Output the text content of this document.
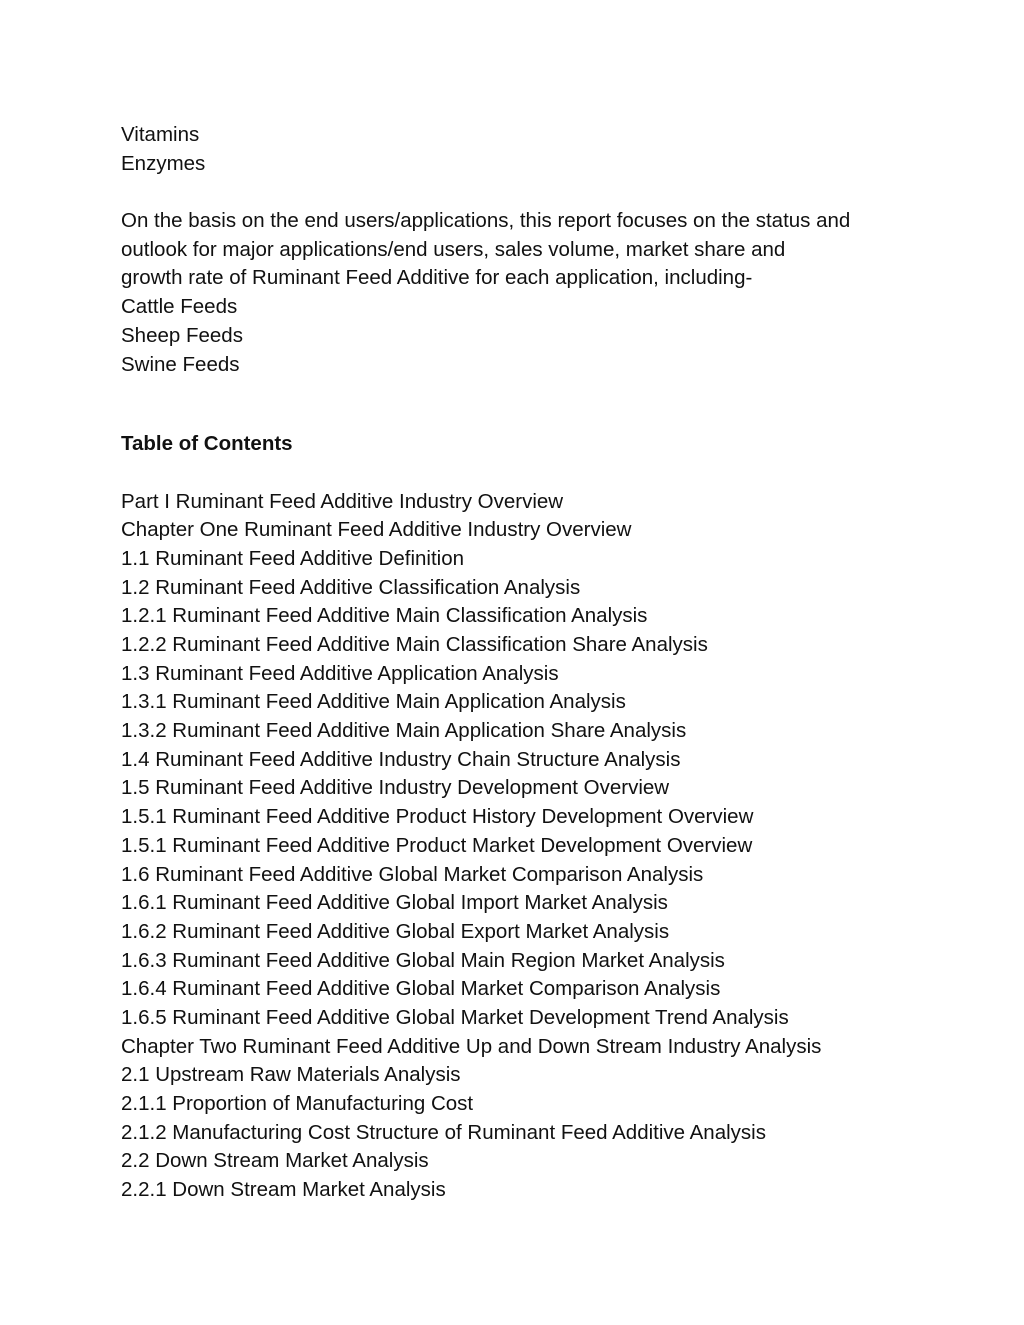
Vitamins
Enzymes
On the basis on the end users/applications, this report focuses on the status and
outlook for major applications/end users, sales volume, market share and
growth rate of Ruminant Feed Additive for each application, including-
Cattle Feeds
Sheep Feeds
Swine Feeds
Table of Contents
Part I Ruminant Feed Additive Industry Overview
Chapter One Ruminant Feed Additive Industry Overview
1.1 Ruminant Feed Additive Definition
1.2 Ruminant Feed Additive Classification Analysis
1.2.1 Ruminant Feed Additive Main Classification Analysis
1.2.2 Ruminant Feed Additive Main Classification Share Analysis
1.3 Ruminant Feed Additive Application Analysis
1.3.1 Ruminant Feed Additive Main Application Analysis
1.3.2 Ruminant Feed Additive Main Application Share Analysis
1.4 Ruminant Feed Additive Industry Chain Structure Analysis
1.5 Ruminant Feed Additive Industry Development Overview
1.5.1 Ruminant Feed Additive Product History Development Overview
1.5.1 Ruminant Feed Additive Product Market Development Overview
1.6 Ruminant Feed Additive Global Market Comparison Analysis
1.6.1 Ruminant Feed Additive Global Import Market Analysis
1.6.2 Ruminant Feed Additive Global Export Market Analysis
1.6.3 Ruminant Feed Additive Global Main Region Market Analysis
1.6.4 Ruminant Feed Additive Global Market Comparison Analysis
1.6.5 Ruminant Feed Additive Global Market Development Trend Analysis
Chapter Two Ruminant Feed Additive Up and Down Stream Industry Analysis
2.1 Upstream Raw Materials Analysis
2.1.1 Proportion of Manufacturing Cost
2.1.2 Manufacturing Cost Structure of Ruminant Feed Additive Analysis
2.2 Down Stream Market Analysis
2.2.1 Down Stream Market Analysis
